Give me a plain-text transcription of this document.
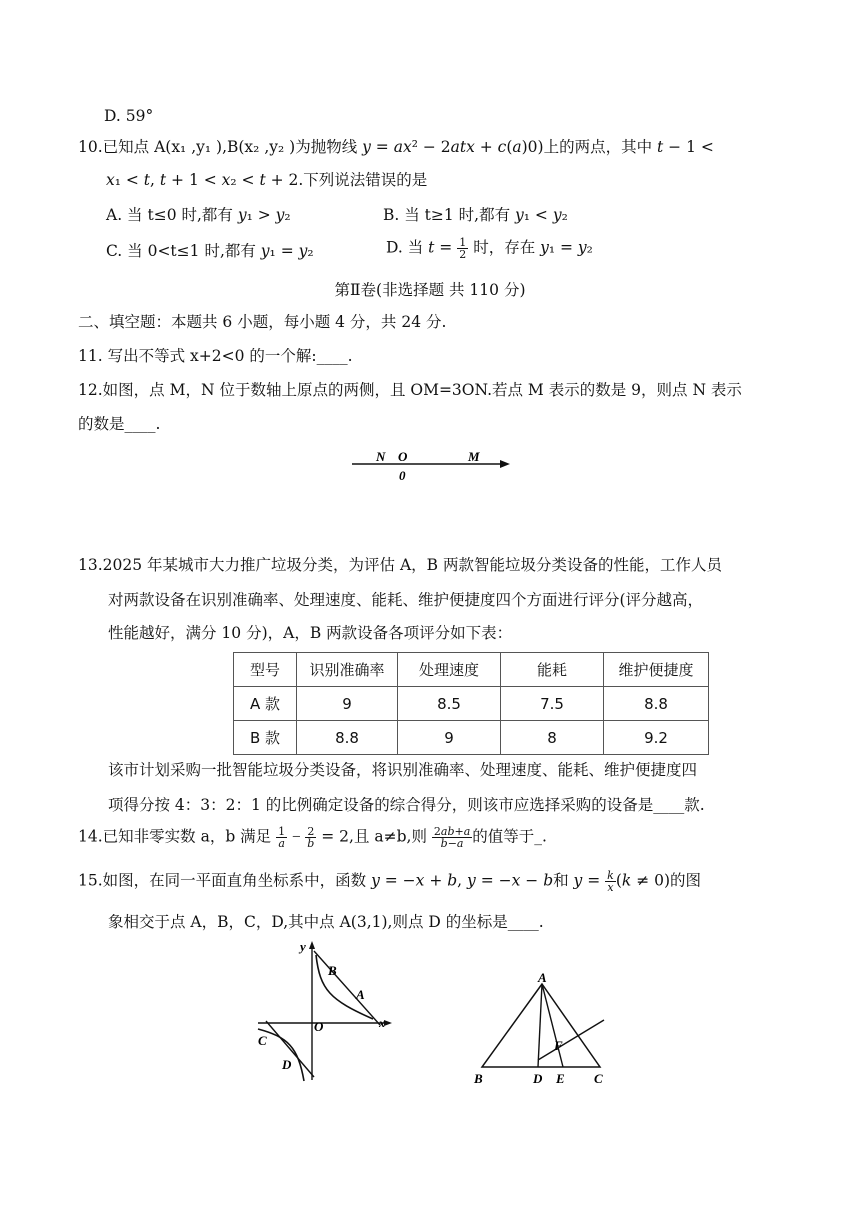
D. 59°
10.已知点 A(x₁ ,y₁ ),B(x₂ ,y₂ )为抛物线 𝑦 = 𝑎𝑥² − 2𝑎𝑡𝑥 + 𝑐(𝑎)0)上的两点，其中 𝑡 − 1 <
𝑥₁ < 𝑡, 𝑡 + 1 < 𝑥₂ < 𝑡 + 2.下列说法错误的是
A. 当 t≤0 时,都有 𝑦₁ > 𝑦₂	B. 当 t≥1 时,都有 𝑦₁ < 𝑦₂
C. 当 0<t≤1 时,都有 𝑦₁ = 𝑦₂	D. 当 𝑡 = $\frac{1}{2}$ 时，存在 𝑦₁ = 𝑦₂
第Ⅱ卷(非选择题 共 110 分)
二、填空题：本题共 6 小题，每小题 4 分，共 24 分.
11. 写出不等式 x+2<0 的一个解:____.
12.如图，点 M，N 位于数轴上原点的两侧，且 OM=3ON.若点 M 表示的数是 9，则点 N 表示
的数是____.
N O	M
0
13.2025 年某城市大力推广垃圾分类，为评估 A，B 两款智能垃圾分类设备的性能，工作人员
对两款设备在识别准确率、处理速度、能耗、维护便捷度四个方面进行评分(评分越高，
性能越好，满分 10 分)，A，B 两款设备各项评分如下表：
型号	识别准确率	处理速度	能耗	维护便捷度
A 款	9	8.5	7.5	8.8
B 款	8.8	9	8	9.2
该市计划采购一批智能垃圾分类设备，将识别准确率、处理速度、能耗、维护便捷度四
项得分按 4：3：2：1 的比例确定设备的综合得分，则该市应选择采购的设备是____款.
14.已知非零实数 a，b 满足 $\frac{1}{\text{𝑎}} - \frac{2}{\text{𝑏}} = 2$,且 a≠b,则 $\frac{\text{2𝑎𝑏+𝑎}}{\text{𝑏−𝑎}}$ 的值等于_.
15.如图，在同一平面直角坐标系中，函数 𝑦 = −𝑥 + 𝑏, 𝑦 = −𝑥 − 𝑏和 𝑦 = $\frac{\text{𝑘}}{\text{𝑥}}$ (𝑘 ≠ 0)的图
象相交于点 A，B，C，D,其中点 A(3,1),则点 D 的坐标是____.
y
x
O
A
B
C
D
A
B	C
D E
F
